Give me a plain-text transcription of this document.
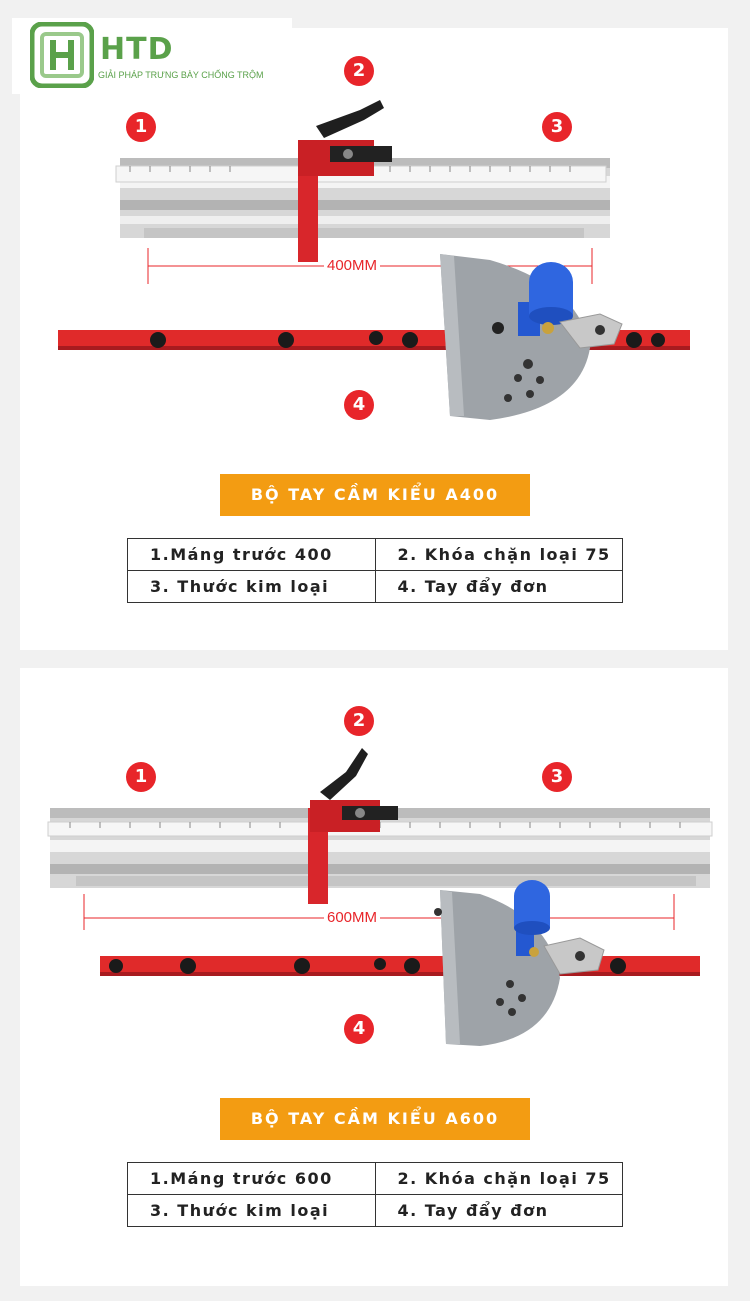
HTD
GIẢI PHÁP TRƯNG BÀY CHỐNG TRỘM
1
2
3
4
400MM
BỘ TAY CẦM KIỂU A400
1.Máng trước 400	2. Khóa chặn loại 75
3. Thước kim loại	4. Tay đẩy đơn
1
2
3
4
600MM
BỘ TAY CẦM KIỂU A600
1.Máng trước 600	2. Khóa chặn loại 75
3. Thước kim loại	4. Tay đẩy đơn
